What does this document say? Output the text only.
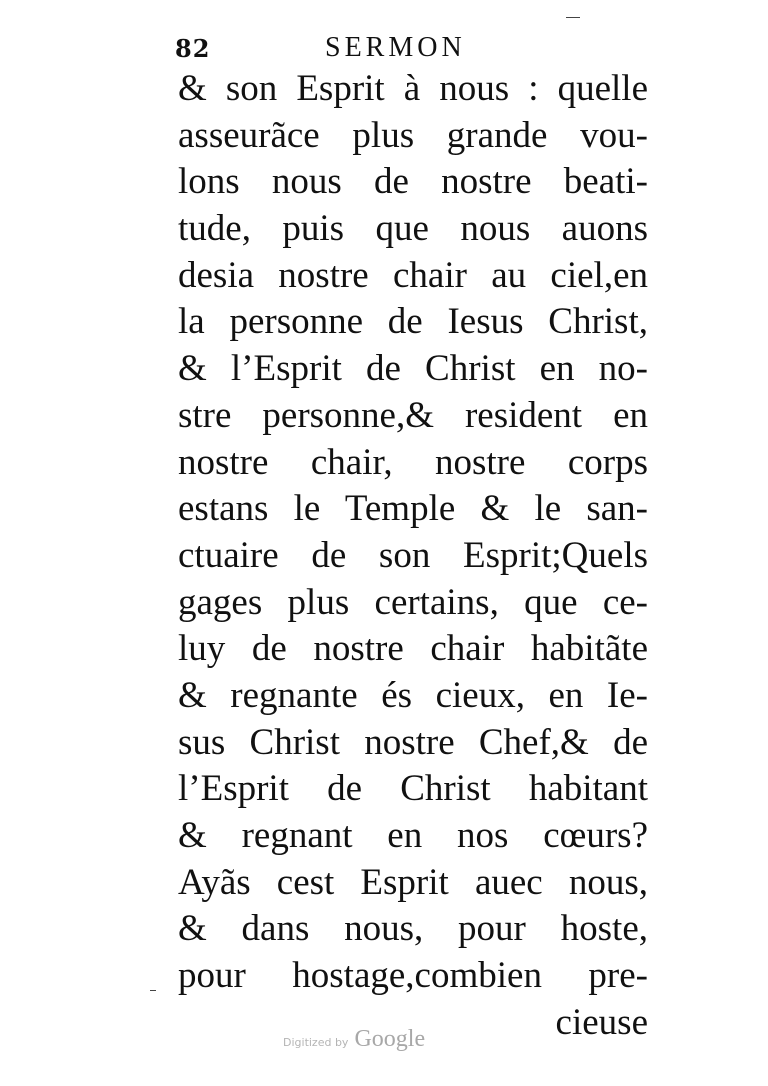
82	SERMON
& son Esprit à nous : quelle
asseurãce plus grande vou-
lons nous de nostre beati-
tude, puis que nous auons
desia nostre chair au ciel,en
la personne de Iesus Christ,
& l’Esprit de Christ en no-
stre personne,& resident en
nostre chair, nostre corps
estans le Temple & le san-
ctuaire de son Esprit;Quels
gages plus certains, que ce-
luy de nostre chair habitãte
& regnante és cieux, en Ie-
sus Christ nostre Chef,& de
l’Esprit de Christ habitant
& regnant en nos cœurs?
Ayãs cest Esprit auec nous,
& dans nous, pour hoste,
pour hostage,combien pre-
cieuse
Digitized by Google
